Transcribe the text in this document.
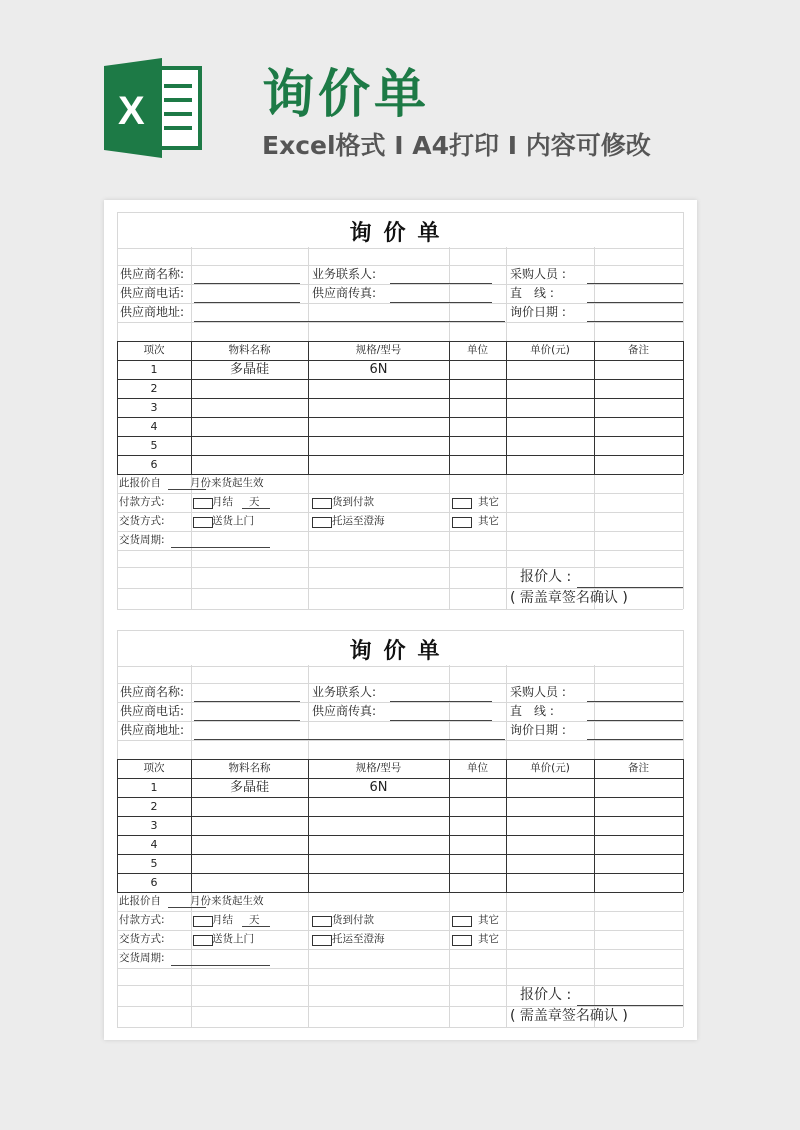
X 询价单
Excel格式 I A4打印 I 内容可修改
询价单
供应商名称:	业务联系人:	采购人员 :
供应商电话:	供应商传真:	直　线 :
供应商地址:	询价日期 :
项次	物料名称	规格/型号	单位	单价(元)	备注
1	多晶硅	6N
2
3
4
5
6
此报价自	月份来货起生效
付款方式:	月结 天	货到付款	其它
交货方式:	送货上门	托运至澄海	其它
交货周期:
报价人 :
( 需盖章签名确认 )
询价单
供应商名称:	业务联系人:	采购人员 :
供应商电话:	供应商传真:	直　线 :
供应商地址:	询价日期 :
项次	物料名称	规格/型号	单位	单价(元)	备注
1	多晶硅	6N
2
3
4
5
6
此报价自	月份来货起生效
付款方式:	月结 天	货到付款	其它
交货方式:	送货上门	托运至澄海	其它
交货周期:
报价人 :
( 需盖章签名确认 )
